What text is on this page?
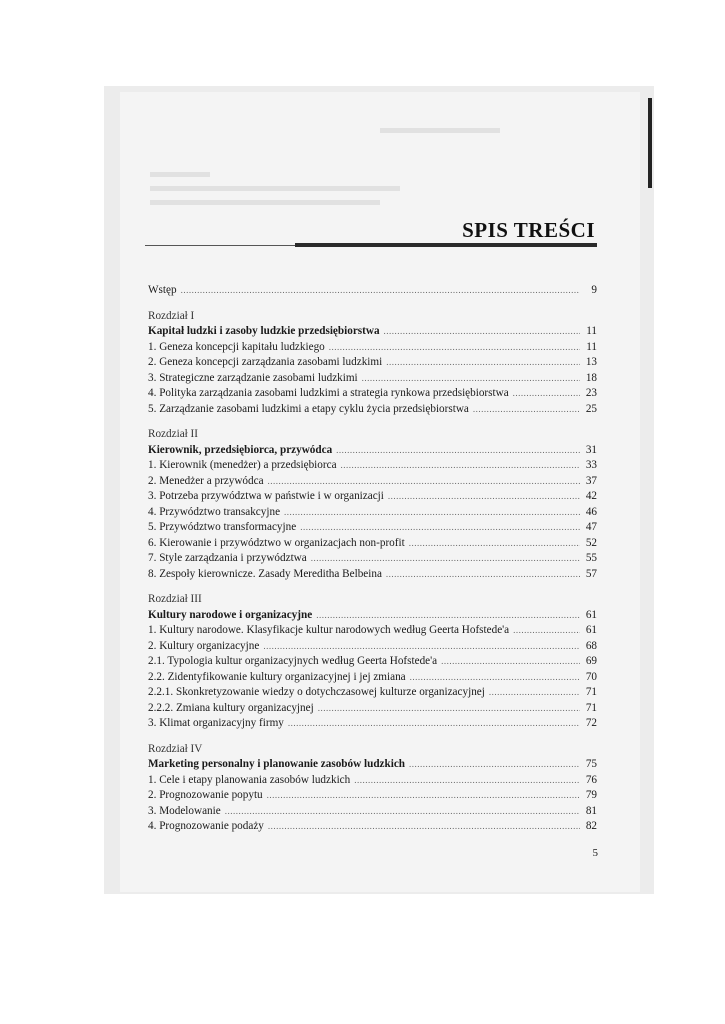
SPIS TREŚCI
Wstęp .....	9
Rozdział I
Kapitał ludzki i zasoby ludzkie przedsiębiorstwa .....	11
1. Geneza koncepcji kapitału ludzkiego .....	11
2. Geneza koncepcji zarządzania zasobami ludzkimi .....	13
3. Strategiczne zarządzanie zasobami ludzkimi .....	18
4. Polityka zarządzania zasobami ludzkimi a strategia rynkowa przedsiębiorstwa .....	23
5. Zarządzanie zasobami ludzkimi a etapy cyklu życia przedsiębiorstwa .....	25
Rozdział II
Kierownik, przedsiębiorca, przywódca .....	31
1. Kierownik (menedżer) a przedsiębiorca .....	33
2. Menedżer a przywódca .....	37
3. Potrzeba przywództwa w państwie i w organizacji .....	42
4. Przywództwo transakcyjne .....	46
5. Przywództwo transformacyjne .....	47
6. Kierowanie i przywództwo w organizacjach non-profit .....	52
7. Style zarządzania i przywództwa .....	55
8. Zespoły kierownicze. Zasady Mereditha Belbeina .....	57
Rozdział III
Kultury narodowe i organizacyjne .....	61
1. Kultury narodowe. Klasyfikacje kultur narodowych według Geerta Hofstede'a .....	61
2. Kultury organizacyjne .....	68
2.1. Typologia kultur organizacyjnych według Geerta Hofstede'a .....	69
2.2. Zidentyfikowanie kultury organizacyjnej i jej zmiana .....	70
2.2.1. Skonkretyzowanie wiedzy o dotychczasowej kulturze organizacyjnej .....	71
2.2.2. Zmiana kultury organizacyjnej .....	71
3. Klimat organizacyjny firmy .....	72
Rozdział IV
Marketing personalny i planowanie zasobów ludzkich .....	75
1. Cele i etapy planowania zasobów ludzkich .....	76
2. Prognozowanie popytu .....	79
3. Modelowanie .....	81
4. Prognozowanie podaży .....	82
5
